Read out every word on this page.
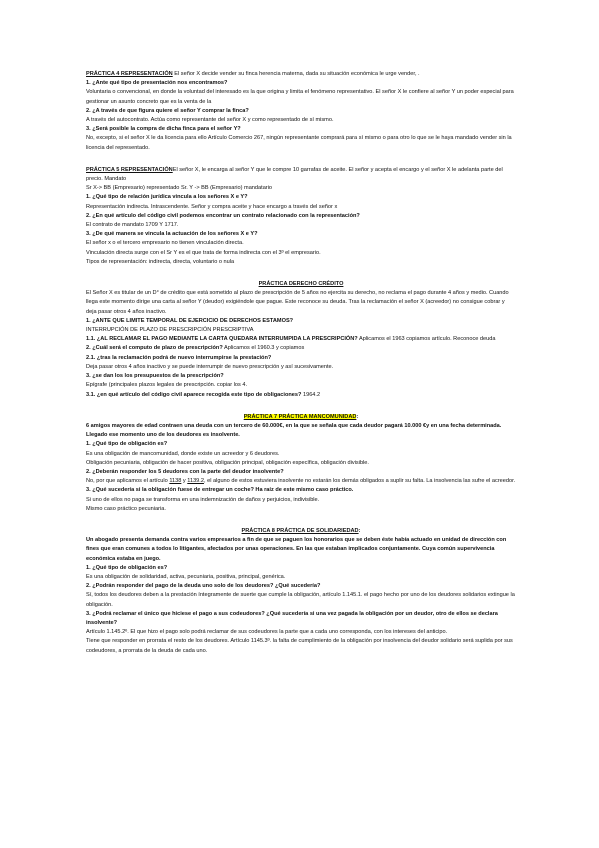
PRÁCTICA 4 REPRESENTACIÓN El señor X decide vender su finca herencia materna, dada su situación económica le urge vender, .

1. ¿Ante qué tipo de presentación nos encontramos?

Voluntaria o convencional, en donde la voluntad del interesado es la que origina y limita el fenómeno representativo. El señor X le confiere al señor Y un poder especial para gestionar un asunto concreto que es la venta de la

2. ¿A través de que figura quiere el señor Y comprar la finca?

A través del autocontrato. Actúa como representante del señor X y como representado de sí mismo.

3. ¿Será posible la compra de dicha finca para el señor Y?

No, excepto, si el señor X le da licencia para ello Artículo Comercio 267, ningún representante comprará para sí mismo o para otro lo que se le haya mandado vender sin la licencia del representado.

PRÁCTICA 5 REPRESENTACIÓNEl señor X, le encarga al señor Y que le compre 10 garrafas de aceite. El señor y acepta el encargo y el señor X le adelanta parte del precio. Mandato

Sr X-> BB (Empresario) representado Sr. Y -> BB (Empresario) mandatario

1. ¿Qué tipo de relación jurídica vincula a los señores X e Y?

Representación indirecta. Intrascendente. Señor y compra aceite y hace encargo a través del señor x

2. ¿En qué artículo del código civil podemos encontrar un contrato relacionado con la representación?

El contrato de mandato 1709 Y 1717.

3. ¿De qué manera se vincula la actuación de los señores X e Y?

El señor x o el tercero empresario no tienen vinculación directa.

Vinculación directa surge con el Sr Y es el que trata de forma indirecta con el 3º el empresario.

Tipos de representación: indirecta, directa, voluntario o nula

PRÁCTICA DERECHO CRÉDITO

El Señor X es titular de un D° de crédito que está sometido al plazo de prescripción de 5 años no ejercita su derecho, no reclama el pago durante 4 años y medio. Cuando llega este momento dirige una carta al señor Y (deudor) exigiéndole que pague. Este reconoce su deuda. Tras la reclamación el señor X (acreedor) no consigue cobrar y deja pasar otros 4 años inactivo.

1. ¿ANTE QUE LIMITE TEMPORAL DE EJERCICIO DE DERECHOS ESTAMOS?

INTERRUPCIÓN DE PLAZO DE PRESCRIPCIÓN PRESCRIPTIVA

1.1. ¿AL RECLAMAR EL PAGO MEDIANTE LA CARTA QUEDARA INTERRUMPIDA LA PRESCRIPCIÓN? Aplicamos el 1963 copiamos artículo. Reconoce deuda

2. ¿Cuál será el computo de plazo de prescripción? Aplicamos el 1960.3 y copiamos

2.1. ¿tras la reclamación podrá de nuevo interrumpirse la prestación?

Deja pasar otros 4 años inactivo y se puede interrumpir de nuevo prescripción y así sucesivamente.

3. ¿se dan los los presupuestos de la prescripción?

Epígrafe (principales plazos legales de prescripción. copiar los 4.

3.1. ¿en qué artículo del código civil aparece recogida este tipo de obligaciones? 1964.2

PRÁCTICA 7 PRÁCTICA MANCOMUNIDAD:

6 amigos mayores de edad contraen una deuda con un tercero de 60.000€, en la que se señala que cada deudor pagará 10.000 €y en una fecha determinada. Llegado ese momento uno de los deudores es insolvente.

1. ¿Qué tipo de obligación es?

Es una obligación de mancomunidad, donde existe un acreedor y 6 deudores.

Obligación pecuniaria, obligación de hacer positiva, obligación principal, obligación específica, obligación divisible.

2. ¿Deberán responder los 5 deudores con la parte del deudor insolvente?

No, por que aplicamos el artículo 1138 y 1139.2, el alguno de estos estuviera insolvente no estarán los demás obligados a suplir su falta. La insolvencia las sufre el acreedor.

3. ¿Qué sucedería si la obligación fuese de entregar un coche? Ha raíz de este mismo caso práctico.

Si uno de ellos no paga se transforma en una indemnización de daños y perjuicios, indivisible.

Mismo caso práctico pecuniaria.

PRÁCTICA 8 PRÁCTICA DE SOLIDARIEDAD:

Un abogado presenta demanda contra varios empresarios a fin de que se paguen los honorarios que se deben éste había actuado en unidad de dirección con fines que eran comunes a todos lo litigantes, afectados por unas operaciones. En las que estaban implicados conjuntamente. Cuya común supervivencia económica estaba en juego.

1. ¿Qué tipo de obligación es?

Es una obligación de solidaridad, activa, pecuniaria, positiva, principal, genérica.

2. ¿Podrán responder del pago de la deuda uno solo de los deudores? ¿Qué sucedería?

Sí, todos los deudores deben a la prestación íntegramente de suerte que cumple la obligación, artículo 1.145.1. el pago hecho por uno de los deudores solidarios extingue la obligación.

3. ¿Podrá reclamar el único que hiciese el pago a sus codeudores? ¿Qué sucedería si una vez pagada la obligación por un deudor, otro de ellos se declara insolvente?

Artículo 1.145.2º. El que hizo el pago solo podrá reclamar de sus codeudores la parte que a cada uno corresponda, con los intereses del anticipo.

Tiene que responder en prorrata el resto de los deudores. Artículo 1145.3º. la falta de cumplimiento de la obligación por insolvencia del deudor solidario será suplida por sus codeudores, a prorrata de la deuda de cada uno.
